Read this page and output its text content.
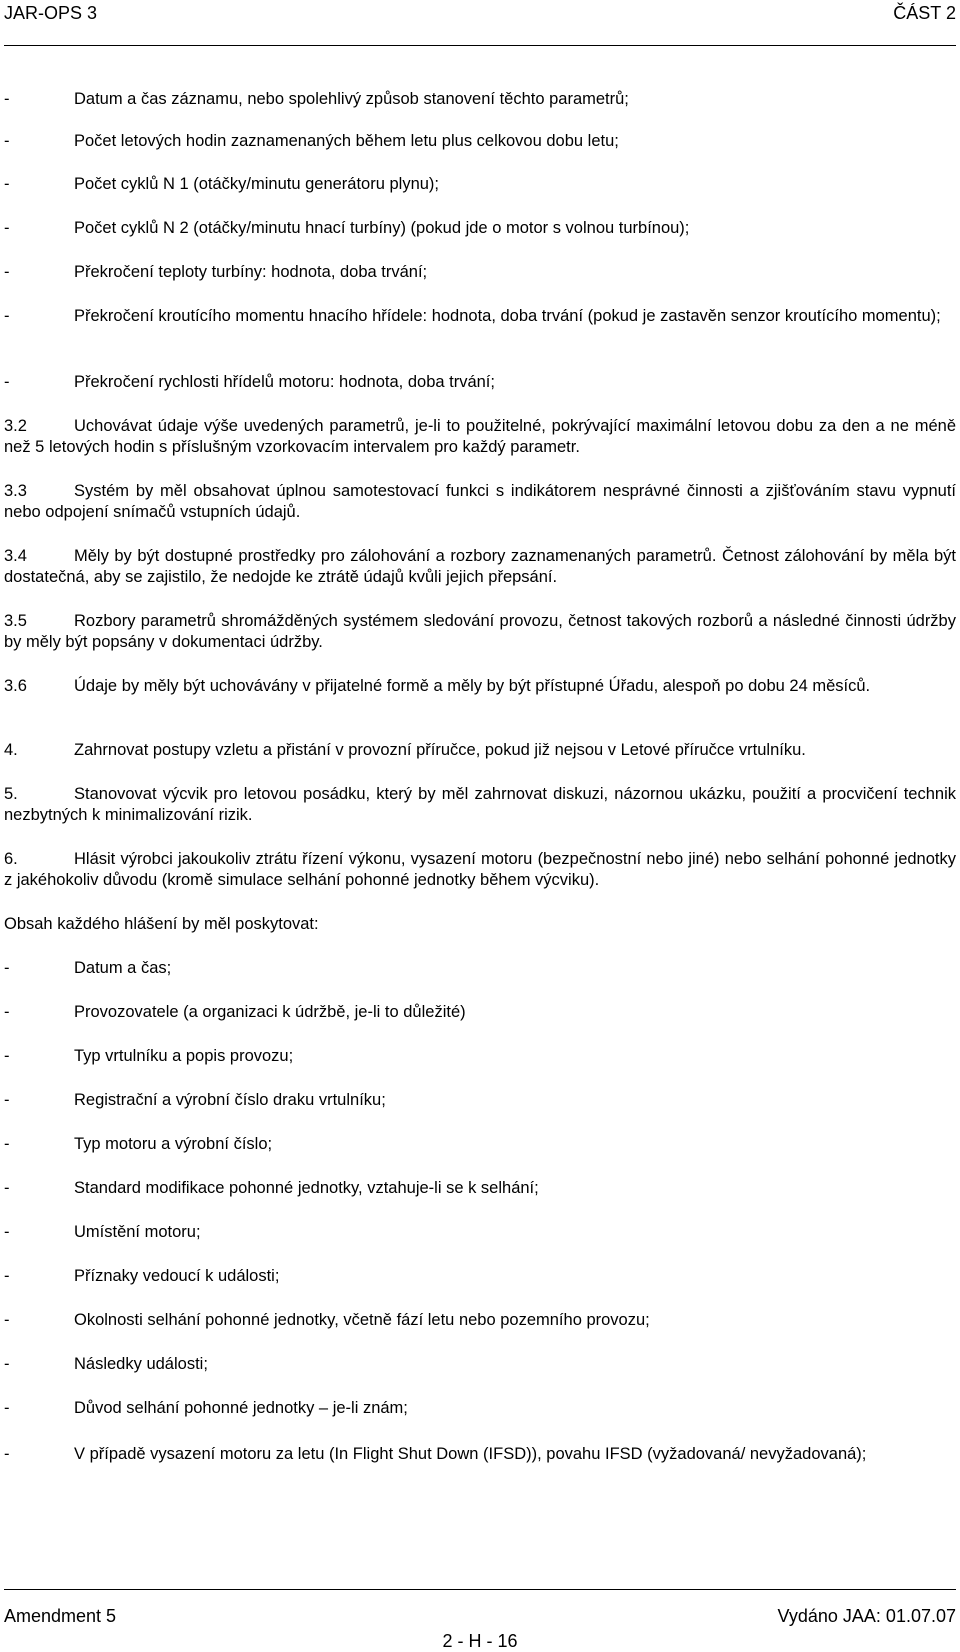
JAR-OPS 3	ČÁST 2
-	Datum a čas záznamu, nebo spolehlivý způsob stanovení těchto parametrů;
-	Počet letových hodin zaznamenaných během letu plus celkovou dobu letu;
-	Počet cyklů N 1 (otáčky/minutu generátoru plynu);
-	Počet cyklů N 2 (otáčky/minutu hnací turbíny) (pokud jde o motor s volnou turbínou);
-	Překročení teploty turbíny: hodnota, doba trvání;
-	Překročení kroutícího momentu hnacího hřídele: hodnota, doba trvání (pokud je zastavěn senzor kroutícího momentu);
-	Překročení rychlosti hřídelů motoru: hodnota, doba trvání;
3.2	Uchovávat údaje výše uvedených parametrů, je-li to použitelné, pokrývající maximální letovou dobu za den a ne méně než 5 letových hodin s příslušným vzorkovacím intervalem pro každý parametr.
3.3	Systém by měl obsahovat úplnou samotestovací funkci s indikátorem nesprávné činnosti a zjišťováním stavu vypnutí nebo odpojení snímačů vstupních údajů.
3.4	Měly by být dostupné prostředky pro zálohování a rozbory zaznamenaných parametrů. Četnost zálohování by měla být dostatečná, aby se zajistilo, že nedojde ke ztrátě údajů kvůli jejich přepsání.
3.5	Rozbory parametrů shromážděných systémem sledování provozu, četnost takových rozborů a následné činnosti údržby by měly být popsány v dokumentaci údržby.
3.6	Údaje by měly být uchovávány v přijatelné formě a měly by být přístupné Úřadu, alespoň po dobu 24 měsíců.
4.	Zahrnovat postupy vzletu a přistání v provozní příručce, pokud již nejsou v Letové příručce vrtulníku.
5.	Stanovovat výcvik pro letovou posádku, který by měl zahrnovat diskuzi, názornou ukázku, použití a procvičení technik nezbytných k minimalizování rizik.
6.	Hlásit výrobci jakoukoliv ztrátu řízení výkonu, vysazení motoru (bezpečnostní nebo jiné) nebo selhání pohonné jednotky z jakéhokoliv důvodu (kromě simulace selhání pohonné jednotky během výcviku).
Obsah každého hlášení by měl poskytovat:
-	Datum a čas;
-	Provozovatele (a organizaci k údržbě, je-li to důležité)
-	Typ vrtulníku a popis provozu;
-	Registrační a výrobní číslo draku vrtulníku;
-	Typ motoru a výrobní číslo;
-	Standard modifikace pohonné jednotky, vztahuje-li se k selhání;
-	Umístění motoru;
-	Příznaky vedoucí k události;
-	Okolnosti selhání pohonné jednotky, včetně fází letu nebo pozemního provozu;
-	Následky události;
-	Důvod selhání pohonné jednotky – je-li znám;
-	V případě vysazení motoru za letu (In Flight Shut Down (IFSD)), povahu IFSD (vyžadovaná/ nevyžadovaná);
Amendment 5	Vydáno JAA: 01.07.07
2 - H - 16
